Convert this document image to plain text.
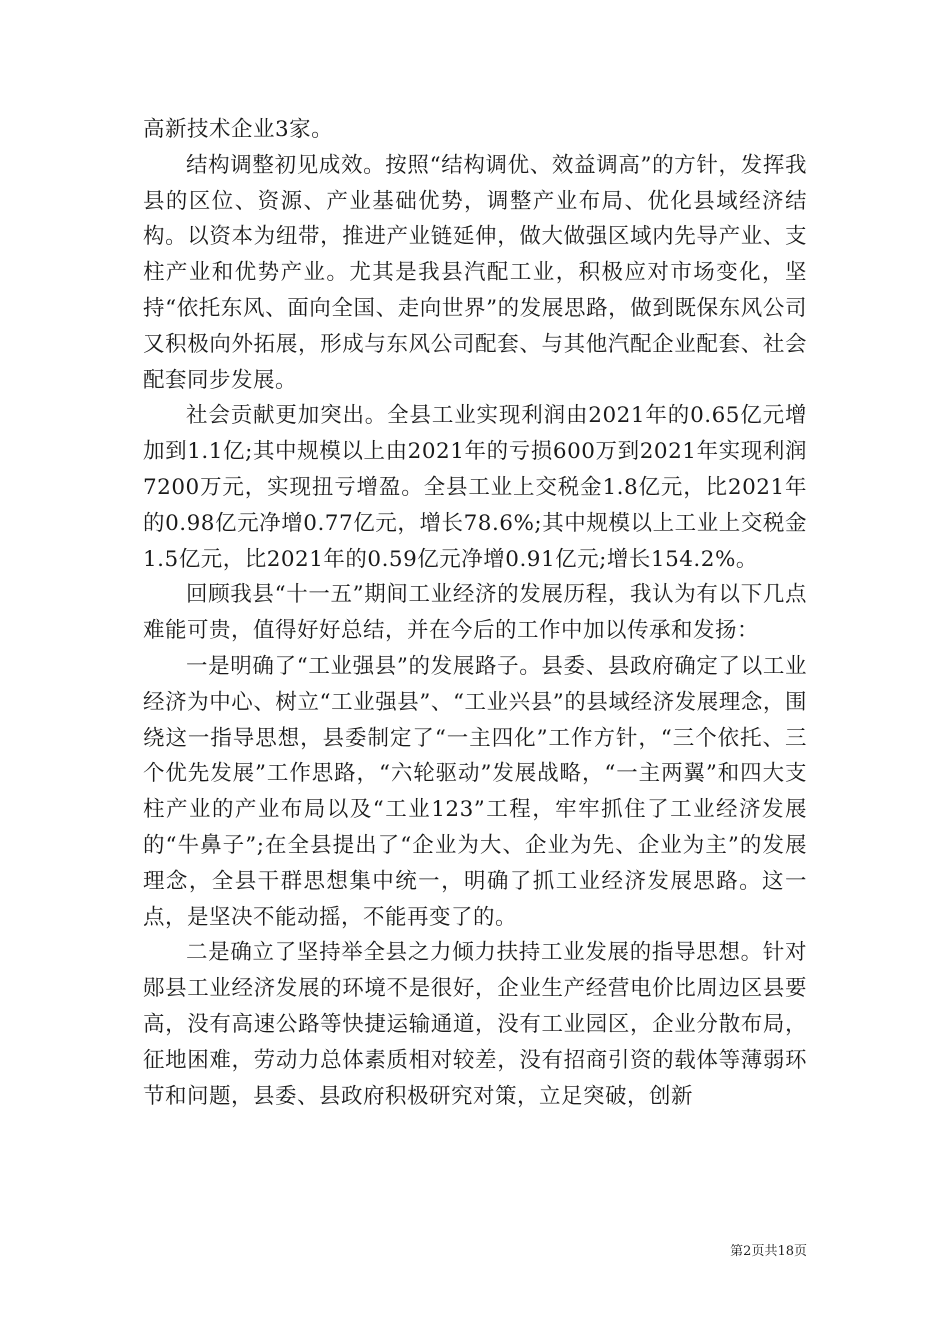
高新技术企业3家。

结构调整初见成效。按照“结构调优、效益调高”的方针，发挥我县的区位、资源、产业基础优势，调整产业布局、优化县域经济结构。以资本为纽带，推进产业链延伸，做大做强区域内先导产业、支柱产业和优势产业。尤其是我县汽配工业，积极应对市场变化，坚持“依托东风、面向全国、走向世界”的发展思路，做到既保东风公司又积极向外拓展，形成与东风公司配套、与其他汽配企业配套、社会配套同步发展。

社会贡献更加突出。全县工业实现利润由2021年的0.65亿元增加到1.1亿;其中规模以上由2021年的亏损600万到2021年实现利润7200万元，实现扭亏增盈。全县工业上交税金1.8亿元，比2021年的0.98亿元净增0.77亿元，增长78.6%;其中规模以上工业上交税金1.5亿元，比2021年的0.59亿元净增0.91亿元;增长154.2%。

回顾我县“十一五”期间工业经济的发展历程，我认为有以下几点难能可贵，值得好好总结，并在今后的工作中加以传承和发扬：

一是明确了“工业强县”的发展路子。县委、县政府确定了以工业经济为中心、树立“工业强县”、“工业兴县”的县域经济发展理念，围绕这一指导思想，县委制定了“一主四化”工作方针，“三个依托、三个优先发展”工作思路，“六轮驱动”发展战略，“一主两翼”和四大支柱产业的产业布局以及“工业123”工程，牢牢抓住了工业经济发展的“牛鼻子”;在全县提出了“企业为大、企业为先、企业为主”的发展理念，全县干群思想集中统一，明确了抓工业经济发展思路。这一点，是坚决不能动摇，不能再变了的。

二是确立了坚持举全县之力倾力扶持工业发展的指导思想。针对郧县工业经济发展的环境不是很好，企业生产经营电价比周边区县要高，没有高速公路等快捷运输通道，没有工业园区，企业分散布局，征地困难，劳动力总体素质相对较差，没有招商引资的载体等薄弱环节和问题，县委、县政府积极研究对策，立足突破，创新

第2页共18页
